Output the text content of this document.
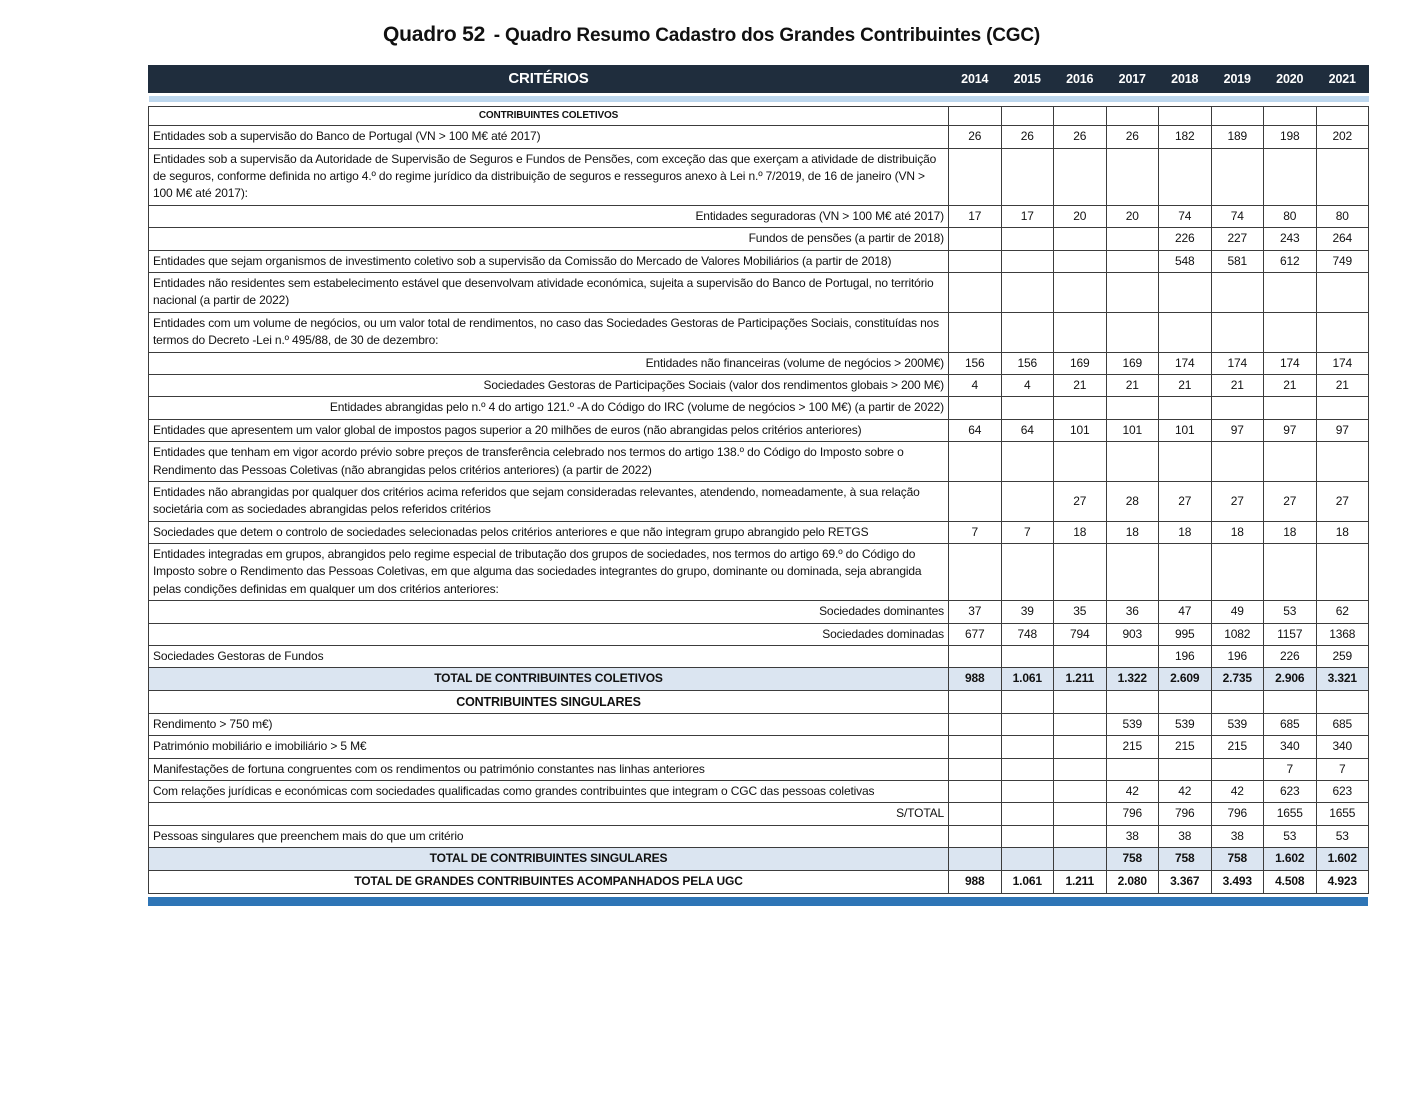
Quadro 52 - Quadro Resumo Cadastro dos Grandes Contribuintes (CGC)
CRITÉRIOS	2014	2015	2016	2017	2018	2019	2020	2021

CONTRIBUINTES COLETIVOS								
Entidades sob a supervisão do Banco de Portugal (VN > 100 M€ até 2017)	26	26	26	26	182	189	198	202
Entidades sob a supervisão da Autoridade de Supervisão de Seguros e Fundos de Pensões, com exceção das que exerçam a atividade de distribuição de seguros, conforme definida no artigo 4.º do regime jurídico da distribuição de seguros e resseguros anexo à Lei n.º 7/2019, de 16 de janeiro (VN > 100 M€ até 2017):								
Entidades seguradoras (VN > 100 M€ até 2017)	17	17	20	20	74	74	80	80
Fundos de pensões (a partir de 2018)					226	227	243	264
Entidades que sejam organismos de investimento coletivo sob a supervisão da Comissão do Mercado de Valores Mobiliários (a partir de 2018)					548	581	612	749
Entidades não residentes sem estabelecimento estável que desenvolvam atividade económica, sujeita a supervisão do Banco de Portugal, no território nacional (a partir de 2022)								
Entidades com um volume de negócios, ou um valor total de rendimentos, no caso das Sociedades Gestoras de Participações Sociais, constituídas nos termos do Decreto -Lei n.º 495/88, de 30 de dezembro:								
Entidades não financeiras (volume de negócios > 200M€)	156	156	169	169	174	174	174	174
Sociedades Gestoras de Participações Sociais (valor dos rendimentos globais > 200 M€)	4	4	21	21	21	21	21	21
Entidades abrangidas pelo n.º 4 do artigo 121.º -A do Código do IRC (volume de negócios > 100 M€) (a partir de 2022)								
Entidades que apresentem um valor global de impostos pagos superior a 20 milhões de euros (não abrangidas pelos critérios anteriores)	64	64	101	101	101	97	97	97
Entidades que tenham em vigor acordo prévio sobre preços de transferência celebrado nos termos do artigo 138.º do Código do Imposto sobre o Rendimento das Pessoas Coletivas (não abrangidas pelos critérios anteriores) (a partir de 2022)								
Entidades não abrangidas por qualquer dos critérios acima referidos que sejam consideradas relevantes, atendendo, nomeadamente, à sua relação societária com as sociedades abrangidas pelos referidos critérios			27	28	27	27	27	27
Sociedades que detem o controlo de sociedades selecionadas pelos critérios anteriores e que não integram grupo abrangido pelo RETGS	7	7	18	18	18	18	18	18
Entidades integradas em grupos, abrangidos pelo regime especial de tributação dos grupos de sociedades, nos termos do artigo 69.º do Código do Imposto sobre o Rendimento das Pessoas Coletivas, em que alguma das sociedades integrantes do grupo, dominante ou dominada, seja abrangida pelas condições definidas em qualquer um dos critérios anteriores:								
Sociedades dominantes	37	39	35	36	47	49	53	62
Sociedades dominadas	677	748	794	903	995	1082	1157	1368
Sociedades Gestoras de Fundos					196	196	226	259
TOTAL DE CONTRIBUINTES COLETIVOS	988	1.061	1.211	1.322	2.609	2.735	2.906	3.321
CONTRIBUINTES SINGULARES								
Rendimento > 750 m€)				539	539	539	685	685
Património mobiliário e imobiliário > 5 M€				215	215	215	340	340
Manifestações de fortuna congruentes com os rendimentos ou património constantes nas linhas anteriores							7	7
Com relações jurídicas e económicas com sociedades qualificadas como grandes contribuintes que integram o CGC das pessoas coletivas				42	42	42	623	623
S/TOTAL				796	796	796	1655	1655
Pessoas singulares que preenchem mais do que um critério				38	38	38	53	53
TOTAL DE CONTRIBUINTES SINGULARES				758	758	758	1.602	1.602
TOTAL DE GRANDES CONTRIBUINTES ACOMPANHADOS PELA UGC	988	1.061	1.211	2.080	3.367	3.493	4.508	4.923
